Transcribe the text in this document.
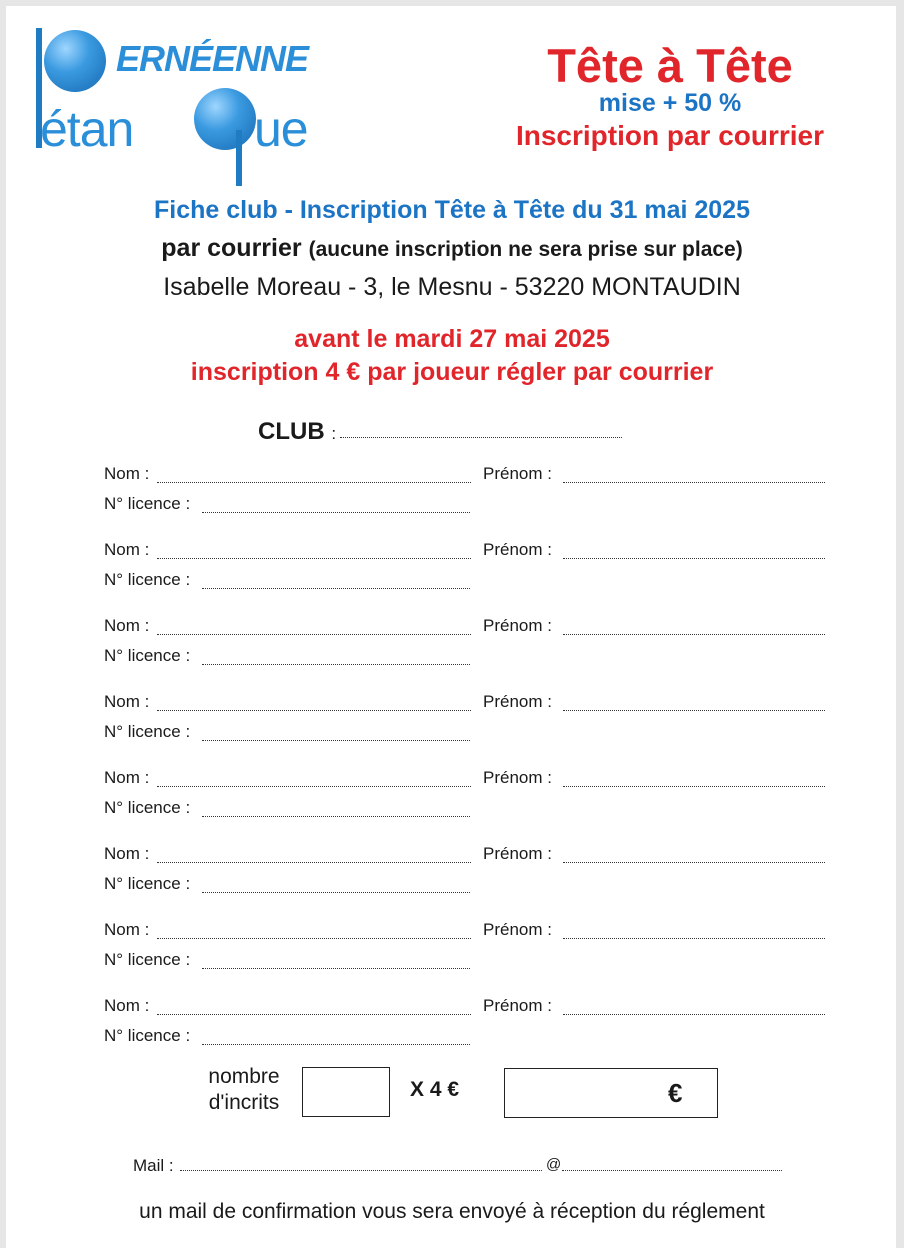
ERNÉENNE
étan ue
Tête à Tête
mise + 50 %
Inscription par courrier
Fiche club - Inscription Tête à Tête du 31 mai 2025
par courrier (aucune inscription ne sera prise sur place)
Isabelle Moreau - 3, le Mesnu - 53220 MONTAUDIN
avant le mardi 27 mai 2025
inscription 4 € par joueur régler par courrier
CLUB :
Nom :	Prénom :
N° licence :
Nom :	Prénom :
N° licence :
Nom :	Prénom :
N° licence :
Nom :	Prénom :
N° licence :
Nom :	Prénom :
N° licence :
Nom :	Prénom :
N° licence :
Nom :	Prénom :
N° licence :
Nom :	Prénom :
N° licence :
nombre
d'incrits
X 4 €	€
Mail :	@
un mail de confirmation vous sera envoyé à réception du réglement
